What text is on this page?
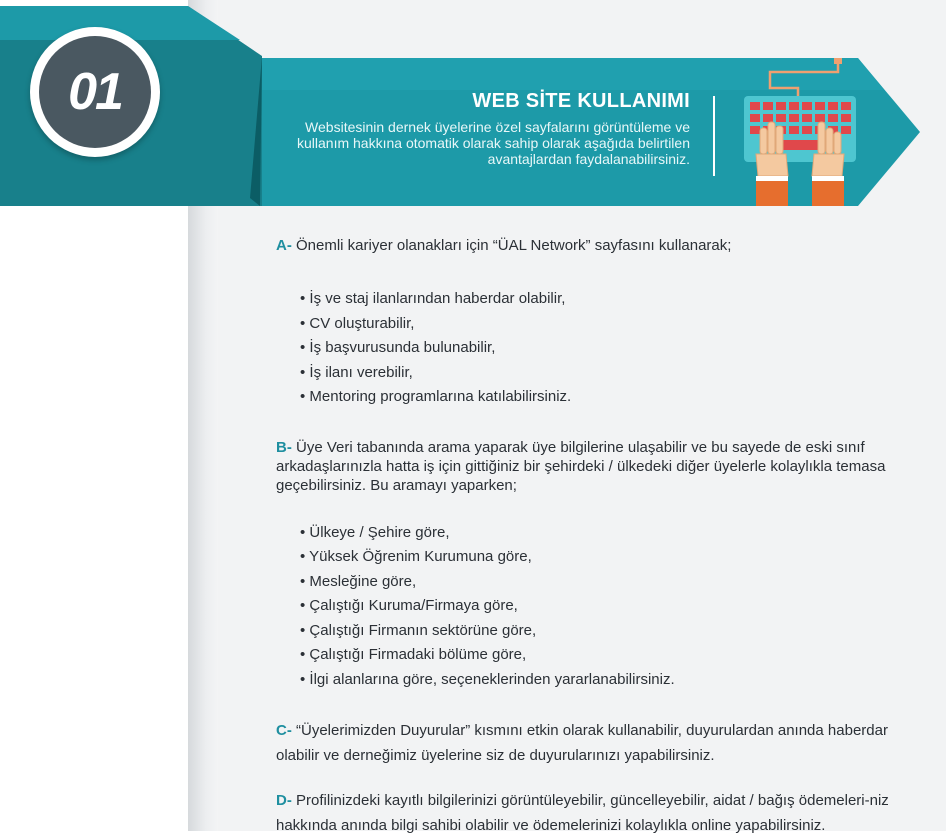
01	WEB SİTE KULLANIMI
Websitesinin dernek üyelerine özel sayfalarını görüntüleme ve kullanım hakkına otomatik olarak sahip olarak aşağıda belirtilen avantajlardan faydalanabilirsiniz.

A- Önemli kariyer olanakları için “ÜAL Network” sayfasını kullanarak;

• İş ve staj ilanlarından haberdar olabilir,
• CV oluşturabilir,
• İş başvurusunda bulunabilir,
• İş ilanı verebilir,
• Mentoring programlarına katılabilirsiniz.

B- Üye Veri tabanında arama yaparak üye bilgilerine ulaşabilir ve bu sayede de eski sınıf arkadaşlarınızla hatta iş için gittiğiniz bir şehirdeki / ülkedeki diğer üyelerle kolaylıkla temasa geçebilirsiniz. Bu aramayı yaparken;

• Ülkeye / Şehire göre,
• Yüksek Öğrenim Kurumuna göre,
• Mesleğine göre,
• Çalıştığı Kuruma/Firmaya göre,
• Çalıştığı Firmanın sektörüne göre,
• Çalıştığı Firmadaki bölüme göre,
• İlgi alanlarına göre, seçeneklerinden yararlanabilirsiniz.

C- “Üyelerimizden Duyurular” kısmını etkin olarak kullanabilir, duyurulardan anında haberdar olabilir ve derneğimiz üyelerine siz de duyurularınızı yapabilirsiniz.

D- Profilinizdeki kayıtlı bilgilerinizi görüntüleyebilir, güncelleyebilir, aidat / bağış ödemeleri-niz hakkında anında bilgi sahibi olabilir ve ödemelerinizi kolaylıkla online yapabilirsiniz.
